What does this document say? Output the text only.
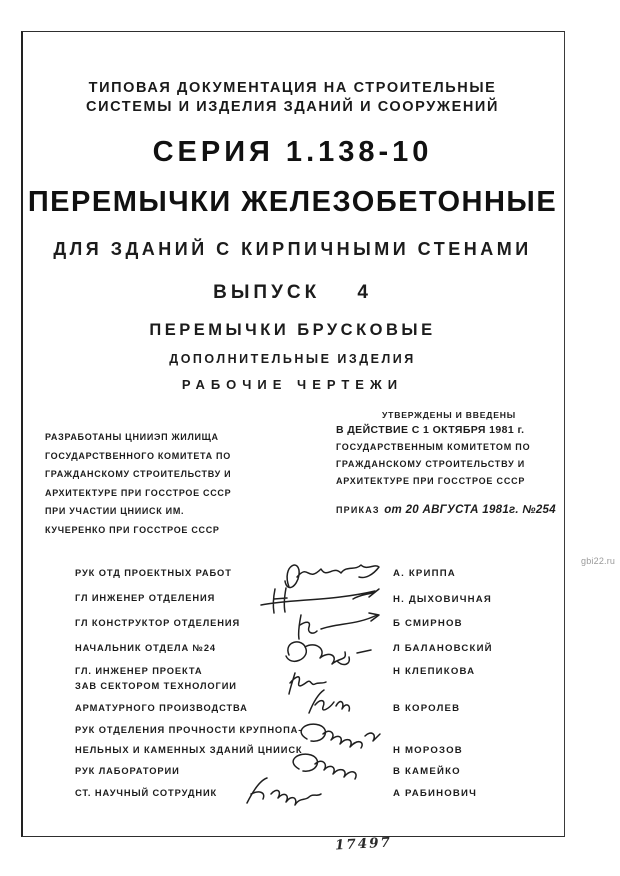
ТИПОВАЯ ДОКУМЕНТАЦИЯ НА СТРОИТЕЛЬНЫЕ
СИСТЕМЫ И ИЗДЕЛИЯ ЗДАНИЙ И СООРУЖЕНИЙ
СЕРИЯ 1.138-10
ПЕРЕМЫЧКИ ЖЕЛЕЗОБЕТОННЫЕ
ДЛЯ ЗДАНИЙ С КИРПИЧНЫМИ СТЕНАМИ
ВЫПУСК    4
ПЕРЕМЫЧКИ БРУСКОВЫЕ
ДОПОЛНИТЕЛЬНЫЕ ИЗДЕЛИЯ
РАБОЧИЕ ЧЕРТЕЖИ
РАЗРАБОТАНЫ ЦНИИЭП ЖИЛИЩА
ГОСУДАРСТВЕННОГО КОМИТЕТА ПО
ГРАЖДАНСКОМУ СТРОИТЕЛЬСТВУ И
АРХИТЕКТУРЕ ПРИ ГОССТРОЕ СССР
ПРИ УЧАСТИИ ЦНИИСК ИМ.
КУЧЕРЕНКО ПРИ ГОССТРОЕ СССР
УТВЕРЖДЕНЫ И ВВЕДЕНЫ
В ДЕЙСТВИЕ С 1 ОКТЯБРЯ 1981 г.
ГОСУДАРСТВЕННЫМ КОМИТЕТОМ ПО
ГРАЖДАНСКОМУ СТРОИТЕЛЬСТВУ И
АРХИТЕКТУРЕ ПРИ ГОССТРОЕ СССР
ПРИКАЗ от 20 АВГУСТА 1981г. №254
РУК ОТД ПРОЕКТНЫХ РАБОТ
ГЛ ИНЖЕНЕР ОТДЕЛЕНИЯ
ГЛ КОНСТРУКТОР ОТДЕЛЕНИЯ
НАЧАЛЬНИК ОТДЕЛА №24
ГЛ. ИНЖЕНЕР ПРОЕКТА
ЗАВ СЕКТОРОМ ТЕХНОЛОГИИ
АРМАТУРНОГО ПРОИЗВОДСТВА
РУК ОТДЕЛЕНИЯ ПРОЧНОСТИ КРУПНОПА-
НЕЛЬНЫХ И КАМЕННЫХ ЗДАНИЙ ЦНИИСК
РУК ЛАБОРАТОРИИ
СТ. НАУЧНЫЙ СОТРУДНИК
А. КРИППА
Н. ДЫХОВИЧНАЯ
Б СМИРНОВ
Л БАЛАНОВСКИЙ
Н КЛЕПИКОВА
В КОРОЛЕВ
Н МОРОЗОВ
В КАМЕЙКО
А РАБИНОВИЧ
gbi22.ru
17497
